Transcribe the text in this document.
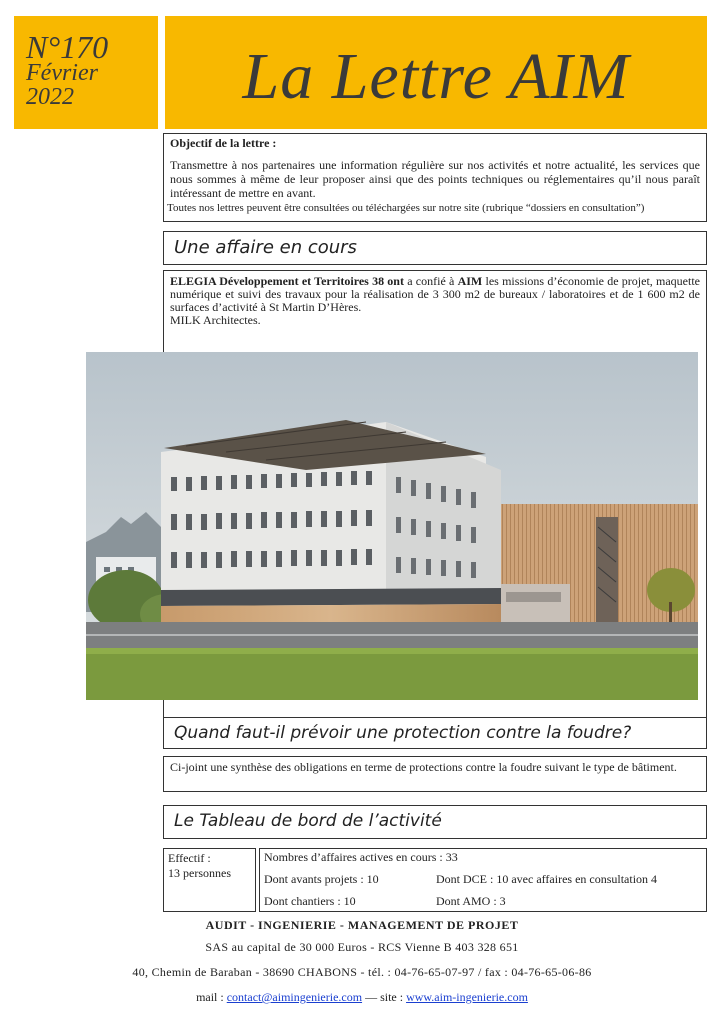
N°170
Février
2022	La Lettre AIM
Objectif de la lettre :
Transmettre à nos partenaires une information régulière sur nos activités et notre actualité, les services que nous sommes à même de leur proposer ainsi que des points techniques ou réglementaires qu’il nous paraît intéressant de mettre en avant.
Toutes nos lettres peuvent être consultées ou téléchargées sur notre site (rubrique “dossiers en consultation”)
Une affaire en cours
ELEGIA Développement et Territoires 38 ont a confié à AIM les missions d’économie de projet, maquette numérique et suivi des travaux pour la réalisation de 3 300 m2 de bureaux / laboratoires et de 1 600 m2 de surfaces d’activité à St Martin D’Hères.
MILK Architectes.
Quand faut-il prévoir une protection contre la foudre?
Ci-joint une synthèse des obligations en terme de protections contre la foudre suivant le type de bâtiment.
Le Tableau de bord de l’activité
Effectif :
13 personnes
Nombres d’affaires actives en cours : 33
Dont avants projets : 10	Dont DCE : 10 avec affaires en consultation 4
Dont chantiers : 10	Dont AMO : 3
AUDIT - INGENIERIE - MANAGEMENT DE PROJET
SAS au capital de 30 000 Euros - RCS Vienne B 403 328 651
40, Chemin de Baraban - 38690 CHABONS - tél. : 04-76-65-07-97 / fax : 04-76-65-06-86
mail : contact@aimingenierie.com — site : www.aim-ingenierie.com
